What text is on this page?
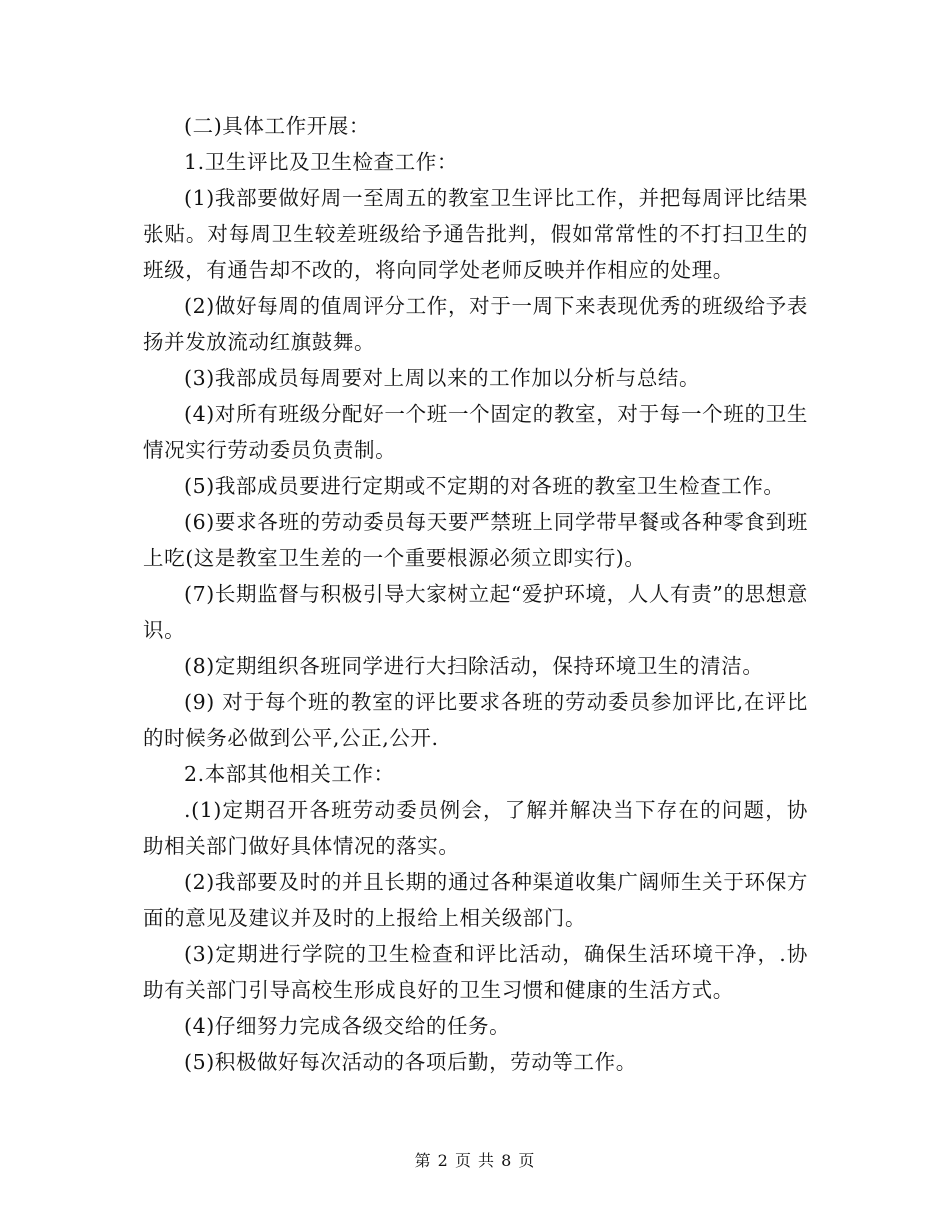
(二)具体工作开展：

1.卫生评比及卫生检查工作：

(1)我部要做好周一至周五的教室卫生评比工作，并把每周评比结果张贴。对每周卫生较差班级给予通告批判，假如常常性的不打扫卫生的班级，有通告却不改的，将向同学处老师反映并作相应的处理。

(2)做好每周的值周评分工作，对于一周下来表现优秀的班级给予表扬并发放流动红旗鼓舞。

(3)我部成员每周要对上周以来的工作加以分析与总结。

(4)对所有班级分配好一个班一个固定的教室，对于每一个班的卫生情况实行劳动委员负责制。

(5)我部成员要进行定期或不定期的对各班的教室卫生检查工作。

(6)要求各班的劳动委员每天要严禁班上同学带早餐或各种零食到班上吃(这是教室卫生差的一个重要根源必须立即实行)。

(7)长期监督与积极引导大家树立起“爱护环境，人人有责”的思想意识。

(8)定期组织各班同学进行大扫除活动，保持环境卫生的清洁。

(9) 对于每个班的教室的评比要求各班的劳动委员参加评比,在评比的时候务必做到公平,公正,公开.

2.本部其他相关工作：

.(1)定期召开各班劳动委员例会，了解并解决当下存在的问题，协助相关部门做好具体情况的落实。

(2)我部要及时的并且长期的通过各种渠道收集广阔师生关于环保方面的意见及建议并及时的上报给上相关级部门。

(3)定期进行学院的卫生检查和评比活动，确保生活环境干净，.协助有关部门引导高校生形成良好的卫生习惯和健康的生活方式。

(4)仔细努力完成各级交给的任务。

(5)积极做好每次活动的各项后勤，劳动等工作。

第 2 页 共 8 页
